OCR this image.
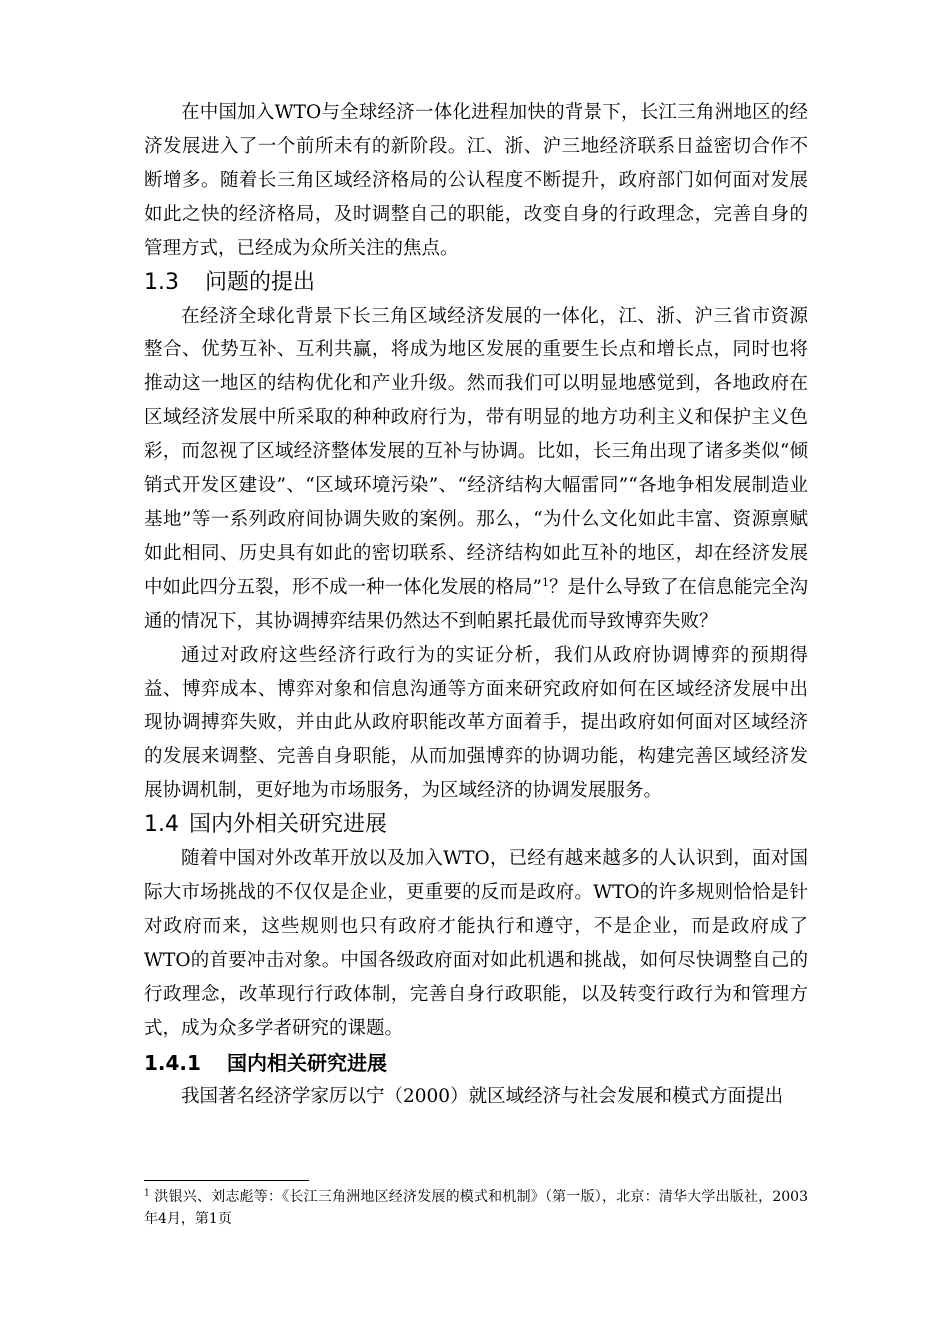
在中国加入WTO与全球经济一体化进程加快的背景下，长江三角洲地区的经济发展进入了一个前所未有的新阶段。江、浙、沪三地经济联系日益密切合作不断增多。随着长三角区域经济格局的公认程度不断提升，政府部门如何面对发展如此之快的经济格局，及时调整自己的职能，改变自身的行政理念，完善自身的管理方式，已经成为众所关注的焦点。

1.3 问题的提出

在经济全球化背景下长三角区域经济发展的一体化，江、浙、沪三省市资源整合、优势互补、互利共赢，将成为地区发展的重要生长点和增长点，同时也将推动这一地区的结构优化和产业升级。然而我们可以明显地感觉到，各地政府在区域经济发展中所采取的种种政府行为，带有明显的地方功利主义和保护主义色彩，而忽视了区域经济整体发展的互补与协调。比如，长三角出现了诸多类似“倾销式开发区建设”、“区域环境污染”、“经济结构大幅雷同”“各地争相发展制造业基地”等一系列政府间协调失败的案例。那么，“为什么文化如此丰富、资源禀赋如此相同、历史具有如此的密切联系、经济结构如此互补的地区，却在经济发展中如此四分五裂，形不成一种一体化发展的格局”$^1$？是什么导致了在信息能完全沟通的情况下，其协调搏弈结果仍然达不到帕累托最优而导致博弈失败？

通过对政府这些经济行政行为的实证分析，我们从政府协调博弈的预期得益、博弈成本、博弈对象和信息沟通等方面来研究政府如何在区域经济发展中出现协调搏弈失败，并由此从政府职能改革方面着手，提出政府如何面对区域经济的发展来调整、完善自身职能，从而加强博弈的协调功能，构建完善区域经济发展协调机制，更好地为市场服务，为区域经济的协调发展服务。

1.4 国内外相关研究进展

随着中国对外改革开放以及加入WTO，已经有越来越多的人认识到，面对国际大市场挑战的不仅仅是企业，更重要的反而是政府。WTO的许多规则恰恰是针对政府而来，这些规则也只有政府才能执行和遵守，不是企业，而是政府成了WTO的首要冲击对象。中国各级政府面对如此机遇和挑战，如何尽快调整自己的行政理念，改革现行行政体制，完善自身行政职能，以及转变行政行为和管理方式，成为众多学者研究的课题。

1.4.1 国内相关研究进展

我国著名经济学家厉以宁（2000）就区域经济与社会发展和模式方面提出

$^1$ 洪银兴、刘志彪等：《长江三角洲地区经济发展的模式和机制》（第一版），北京：清华大学出版社，2003年4月，第1页
